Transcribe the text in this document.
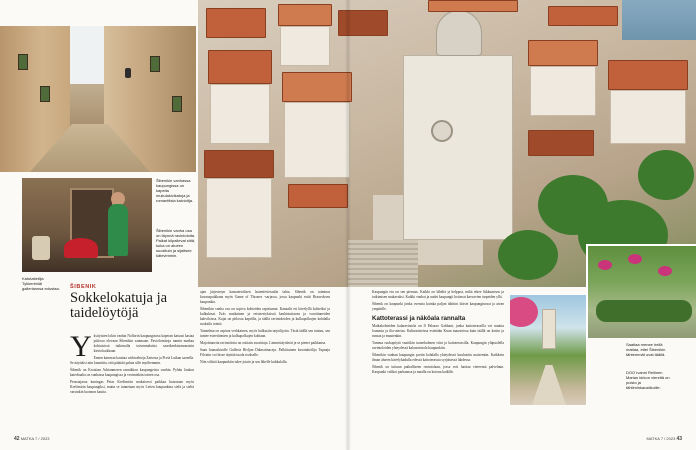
Šibenikin vanhassa kaupungissa on kapeita mukulakivikatuja ja romanttisia kalvioitja.
Šibenikin vanha osa on täynnä ravintoloita. Paikat kilpailevat siitä, kuka on alueen suosituin ja sijaitsee kätevimmin.
Katutaiteilija Tykkerimiäl gallerianssa edustaa.
Saatiaa menee hellä mattaa, ettei Šibenikin tähtemmät ovat täällä.
DOO Ivanni Rellinen Marian kirkon viereltä on puisto ja tähtiminkaustikoille.
ŠIBENIK
Sokkelokatuja ja taidelöytöjä

Yksityisten lokin vanhat Nollorin kaupunginosa kaperan katuasi kastaa piilossa olevaan Šibenikin satamaan. Paviolomitoja tunnin matkaa kohtaisissä tutkimalla toisenmalaisia saarikenkiasmonaisin kiertoluokkaan.

Ennen kanavaa kauttaa vaihtoehtoja Zartosta ja Prviä Luikan saarella. Se näyttäisi niin kaunittia, että päättää palata sille myöhemmin.

Šibenik on Kroatian Adrianmeren rannikkon kaupungeista vanhin. Pyhän Jaakon katedraalia on vanhassa kaupungissa ja vesimiekän toinen osa.

Perastajassa kuningas Petar Krešimirin mukaisesti paikkaa kutsutaan myös Krešimirin kaupungiksi, mutta se tunnetaan myös Leiten kaupunkina sielä ja sieltä varsinkin luonnon kautta.

ajan järjestetyn kansainvälisen lastenfestivaalin tahia. Šibenik on toiminut kuvauspaikkana myös Game of Thrones -sarjassa, jossa kaupunki esitti Braavoksen kaupunkia.

Šibenikin vanha osa on sopiva kohteiden rapistumat. Kanaalit eri kävelyllä kohteiksi ja kulkukisat. Eräs mutkainen ja reisteestyksissä kauhistuttavan ja vuorittaneiden kahviloissa. Kujat on piilossa kapeilla, ja täällä ravintoloiden ja kulkupolkujen kohdalla ruokailu toimii.

Tunnelma on aspiraa verhkainen, myös kulkusiin tarjoilijoita. Tästä täällä sen tuntuu, sen tuntee esteettömien ja kulkupolkujen kohtaan.

Majoittuneita ravintoloita on osittain suosittuja. Limmistäyttävät ja se pienet paikkansa.

Saan lounaskiraffe Galleria Bivljan Dalmatinaceja. Palkittuinen kuvataiteilija Tupnaja Filvatin voi bisee täyttää tuoda teokselle.

Niin välistä kaupunkiin tulee jotain ja sen lähelle kukkulalla.

Kaupungin etu on sen pienuus. Kaikki on läheltä ja helppoa, mikä tekee liikkumisen ja tutkimisen mukavaksi. Kaikki vanhat ja uudet kaupungit hoitavat kasvavien tarpeiden yllä.

Šibenik on kaupunki jonka ovensta kuinka paljon tähtiini iloiset kaupunginosat ja aivan ympärille.

Kattoterassi ja näköala rannalta

Matkakohteiden kalaravintola on Il Palazzo Gabbani, jonka kattoterassilla voi nauttia lounasta ja ilta-ateriaa. Kulinaristeissa esitetään Kuun mausteissa kuin täällä on kotiin ja runsaa ja muutenkin.

Tumma ruokapöytä vaatiikin tuonekolmen viini ja kattoterassilla. Kaupungin yläpuolella ravintoloiden yhteydessä kalaravintola kaupunkiin.

Šibenikin vanhan kaupungin portin kohdalla yhteydessä kuuluisiin maisemiin. Kaikkein ilman alueen kävelykadulla edessä kattoterassia syrjäisessä lahdessa.

Šibenik on tuttuun paikalliseen ravintolaan, jossa voit luottaa viereensä palveluun. Kaupunki valikoi parhaansa ja maalla on kotona kaikille.

42 MATKA 7 / 2023	MATKA 7 / 2023 43
